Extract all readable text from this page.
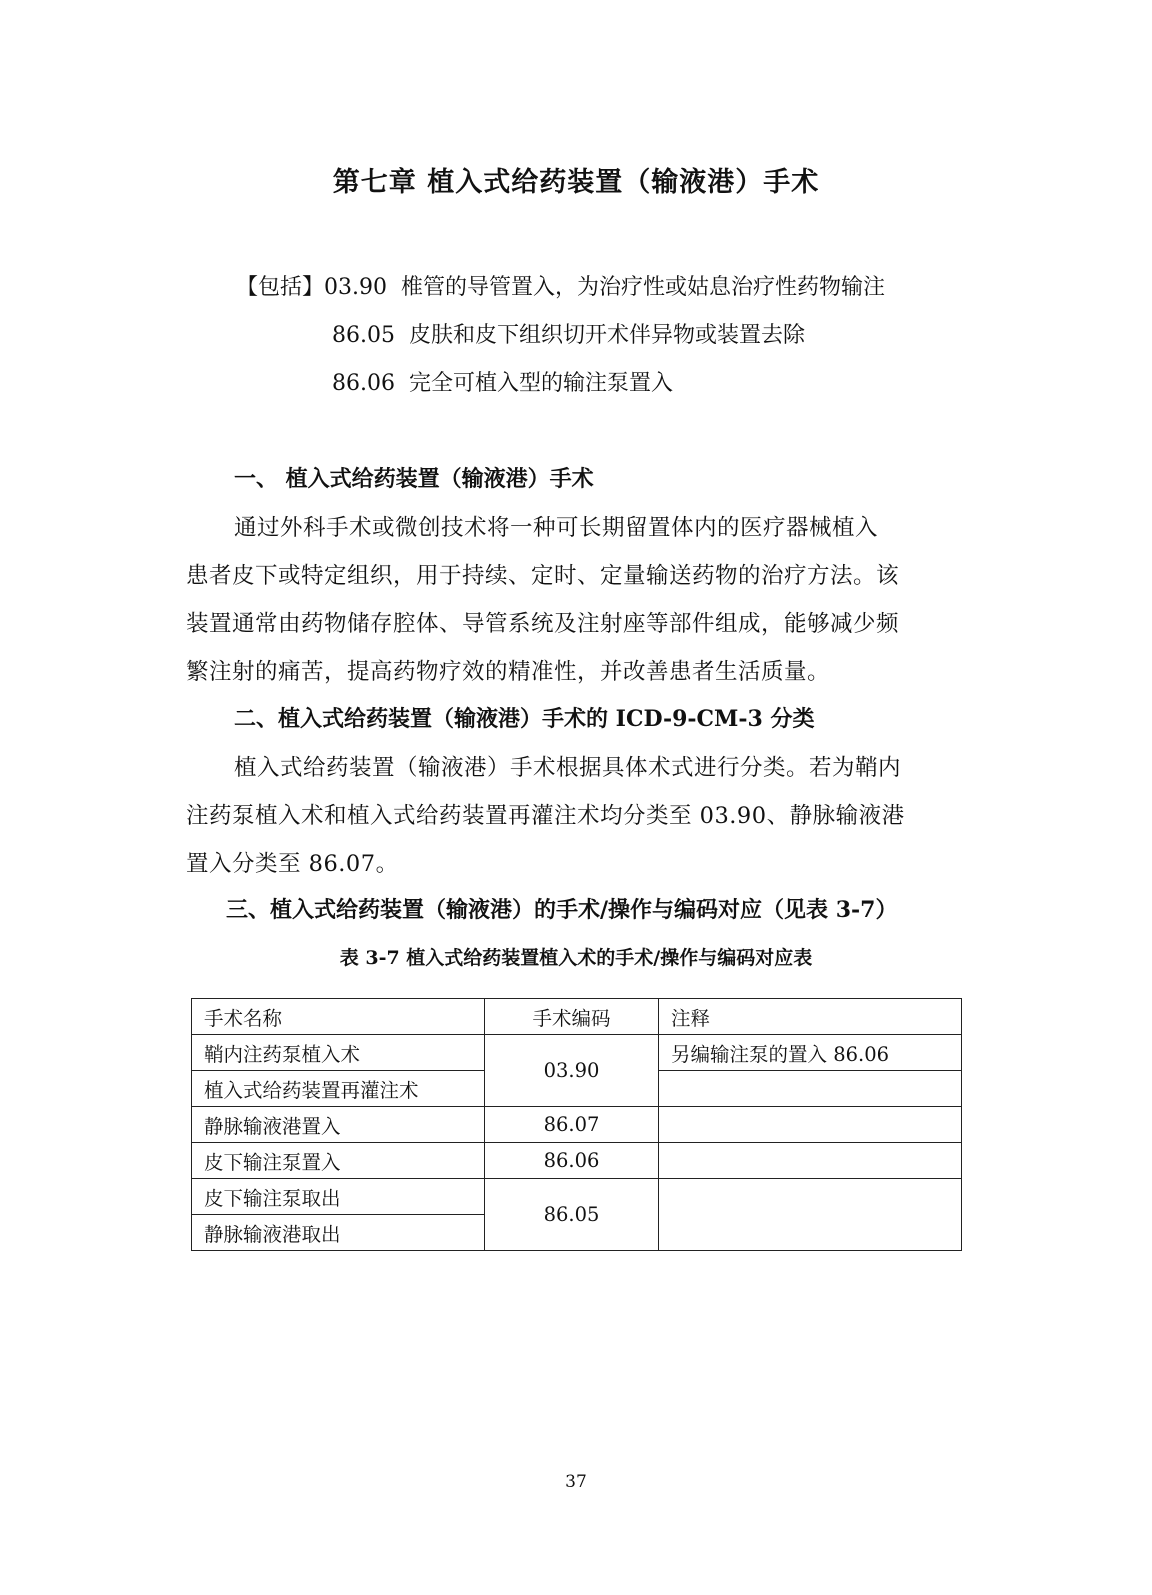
第七章 植入式给药装置（输液港）手术
【包括】03.90 椎管的导管置入，为治疗性或姑息治疗性药物输注
86.05 皮肤和皮下组织切开术伴异物或装置去除
86.06 完全可植入型的输注泵置入
一、 植入式给药装置（输液港）手术
通过外科手术或微创技术将一种可长期留置体内的医疗器械植入
患者皮下或特定组织，用于持续、定时、定量输送药物的治疗方法。该
装置通常由药物储存腔体、导管系统及注射座等部件组成，能够减少频
繁注射的痛苦，提高药物疗效的精准性，并改善患者生活质量。
二、植入式给药装置（输液港）手术的 ICD-9-CM-3 分类
植入式给药装置（输液港）手术根据具体术式进行分类。若为鞘内
注药泵植入术和植入式给药装置再灌注术均分类至 03.90、静脉输液港
置入分类至 86.07。
三、植入式给药装置（输液港）的手术/操作与编码对应（见表 3-7）
表 3-7 植入式给药装置植入术的手术/操作与编码对应表
手术名称	手术编码	注释
鞘内注药泵植入术	03.90	另编输注泵的置入 86.06
植入式给药装置再灌注术		
静脉输液港置入	86.07	
皮下输注泵置入	86.06	
皮下输注泵取出	86.05	
静脉输液港取出		
37
